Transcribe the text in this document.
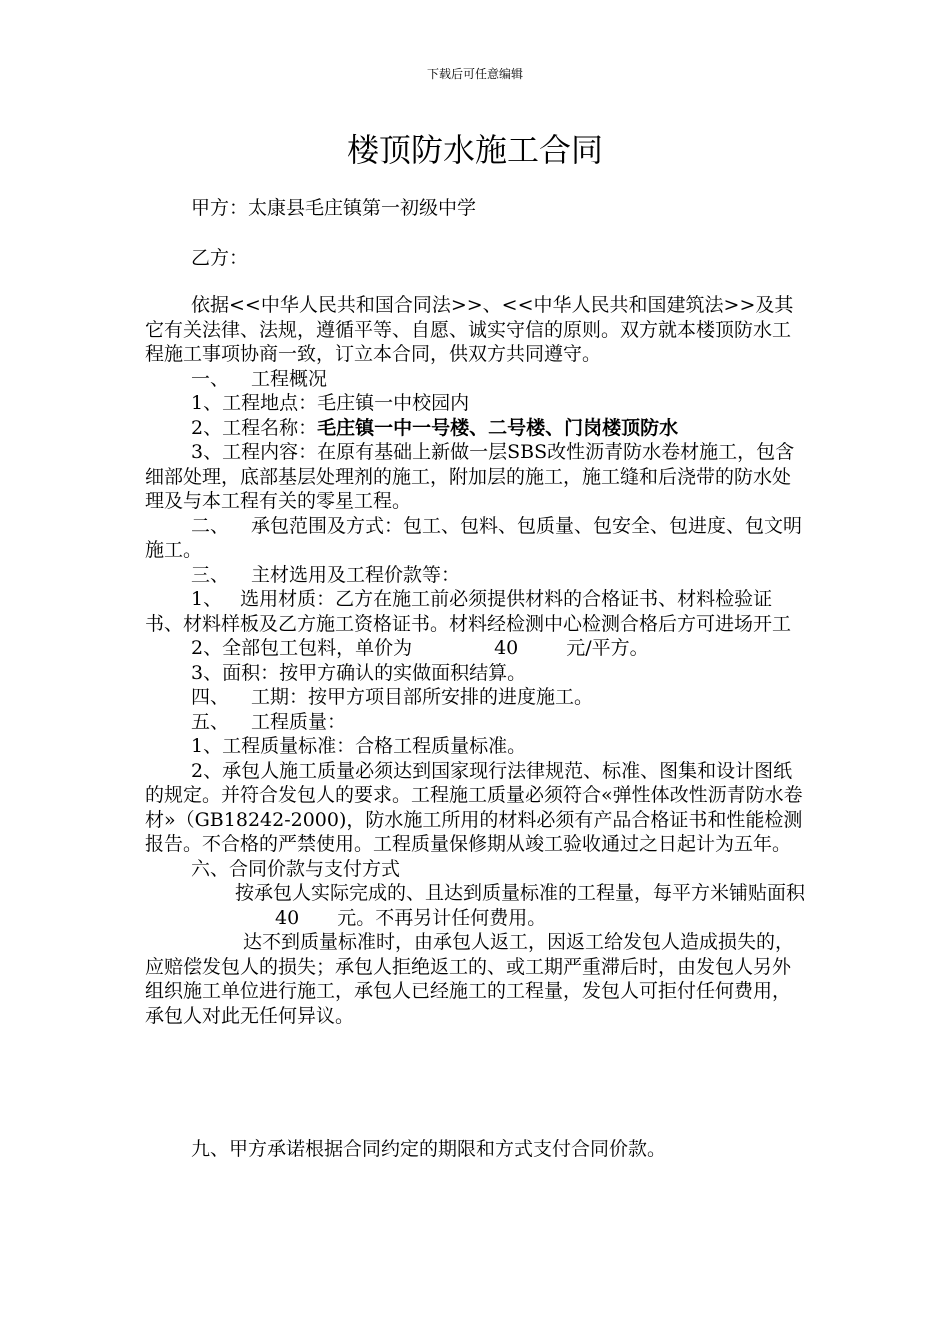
下载后可任意编辑
楼顶防水施工合同

甲方：太康县毛庄镇第一初级中学

乙方：

依据<<中华人民共和国合同法>>、<<中华人民共和国建筑法>>及其它有关法律、法规，遵循平等、自愿、诚实守信的原则。双方就本楼顶防水工程施工事项协商一致，订立本合同，供双方共同遵守。

一、 工程概况

1、工程地点：毛庄镇一中校园内

2、工程名称：毛庄镇一中一号楼、二号楼、门岗楼顶防水

3、工程内容：在原有基础上新做一层SBS改性沥青防水卷材施工，包含细部处理，底部基层处理剂的施工，附加层的施工，施工缝和后浇带的防水处理及与本工程有关的零星工程。

二、 承包范围及方式：包工、包料、包质量、包安全、包进度、包文明施工。

三、 主材选用及工程价款等：

1、 选用材质：乙方在施工前必须提供材料的合格证书、材料检验证书、材料样板及乙方施工资格证书。材料经检测中心检测合格后方可进场开工

2、全部包工包料，单价为	40	元/平方。

3、面积：按甲方确认的实做面积结算。

四、 工期：按甲方项目部所安排的进度施工。

五、 工程质量：

1、工程质量标准：合格工程质量标准。

2、承包人施工质量必须达到国家现行法律规范、标准、图集和设计图纸的规定。并符合发包人的要求。工程施工质量必须符合«弹性体改性沥青防水卷材»（GB18242-2000)，防水施工所用的材料必须有产品合格证书和性能检测报告。不合格的严禁使用。工程质量保修期从竣工验收通过之日起计为五年。

六、合同价款与支付方式

按承包人实际完成的、且达到质量标准的工程量，每平方米铺贴面积40 元。不再另计任何费用。

达不到质量标准时，由承包人返工，因返工给发包人造成损失的，应赔偿发包人的损失；承包人拒绝返工的、或工期严重滞后时，由发包人另外组织施工单位进行施工，承包人已经施工的工程量，发包人可拒付任何费用，承包人对此无任何异议。

九、甲方承诺根据合同约定的期限和方式支付合同价款。
